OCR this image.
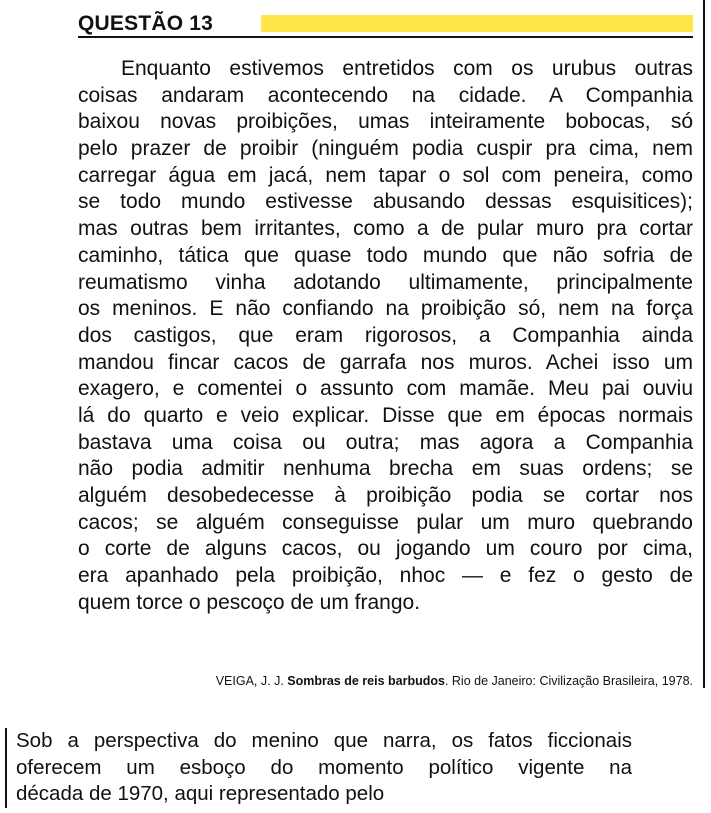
QUESTÃO 13
Enquanto estivemos entretidos com os urubus outras
coisas andaram acontecendo na cidade. A Companhia
baixou novas proibições, umas inteiramente bobocas, só
pelo prazer de proibir (ninguém podia cuspir pra cima, nem
carregar água em jacá, nem tapar o sol com peneira, como
se todo mundo estivesse abusando dessas esquisitices);
mas outras bem irritantes, como a de pular muro pra cortar
caminho, tática que quase todo mundo que não sofria de
reumatismo vinha adotando ultimamente, principalmente
os meninos. E não confiando na proibição só, nem na força
dos castigos, que eram rigorosos, a Companhia ainda
mandou fincar cacos de garrafa nos muros. Achei isso um
exagero, e comentei o assunto com mamãe. Meu pai ouviu
lá do quarto e veio explicar. Disse que em épocas normais
bastava uma coisa ou outra; mas agora a Companhia
não podia admitir nenhuma brecha em suas ordens; se
alguém desobedecesse à proibição podia se cortar nos
cacos; se alguém conseguisse pular um muro quebrando
o corte de alguns cacos, ou jogando um couro por cima,
era apanhado pela proibição, nhoc — e fez o gesto de
quem torce o pescoço de um frango.
VEIGA, J. J. Sombras de reis barbudos. Rio de Janeiro: Civilização Brasileira, 1978.
Sob a perspectiva do menino que narra, os fatos ficcionais
oferecem um esboço do momento político vigente na
década de 1970, aqui representado pelo
